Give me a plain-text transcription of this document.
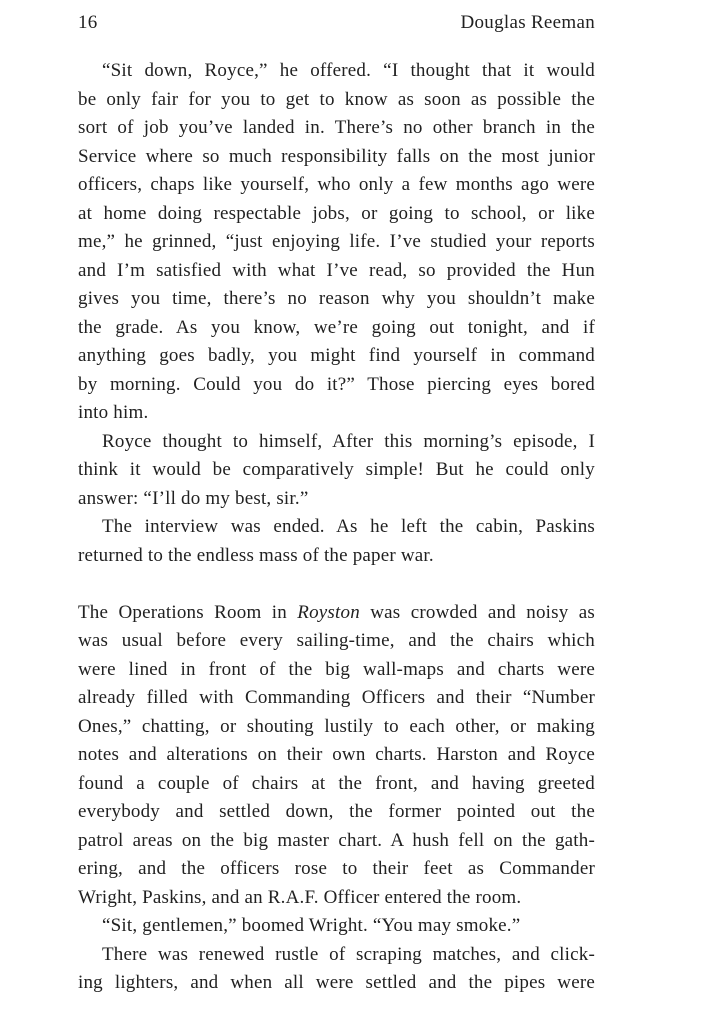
16	Douglas Reeman
“Sit down, Royce,” he offered. “I thought that it would
be only fair for you to get to know as soon as possible the
sort of job you’ve landed in. There’s no other branch in the
Service where so much responsibility falls on the most junior
officers, chaps like yourself, who only a few months ago were
at home doing respectable jobs, or going to school, or like
me,” he grinned, “just enjoying life. I’ve studied your reports
and I’m satisfied with what I’ve read, so provided the Hun
gives you time, there’s no reason why you shouldn’t make
the grade. As you know, we’re going out tonight, and if
anything goes badly, you might find yourself in command
by morning. Could you do it?” Those piercing eyes bored
into him.
Royce thought to himself, After this morning’s episode, I
think it would be comparatively simple! But he could only
answer: “I’ll do my best, sir.”
The interview was ended. As he left the cabin, Paskins
returned to the endless mass of the paper war.
The Operations Room in Royston was crowded and noisy as
was usual before every sailing-time, and the chairs which
were lined in front of the big wall-maps and charts were
already filled with Commanding Officers and their “Number
Ones,” chatting, or shouting lustily to each other, or making
notes and alterations on their own charts. Harston and Royce
found a couple of chairs at the front, and having greeted
everybody and settled down, the former pointed out the
patrol areas on the big master chart. A hush fell on the gath-
ering, and the officers rose to their feet as Commander
Wright, Paskins, and an R.A.F. Officer entered the room.
“Sit, gentlemen,” boomed Wright. “You may smoke.”
There was renewed rustle of scraping matches, and click-
ing lighters, and when all were settled and the pipes were
